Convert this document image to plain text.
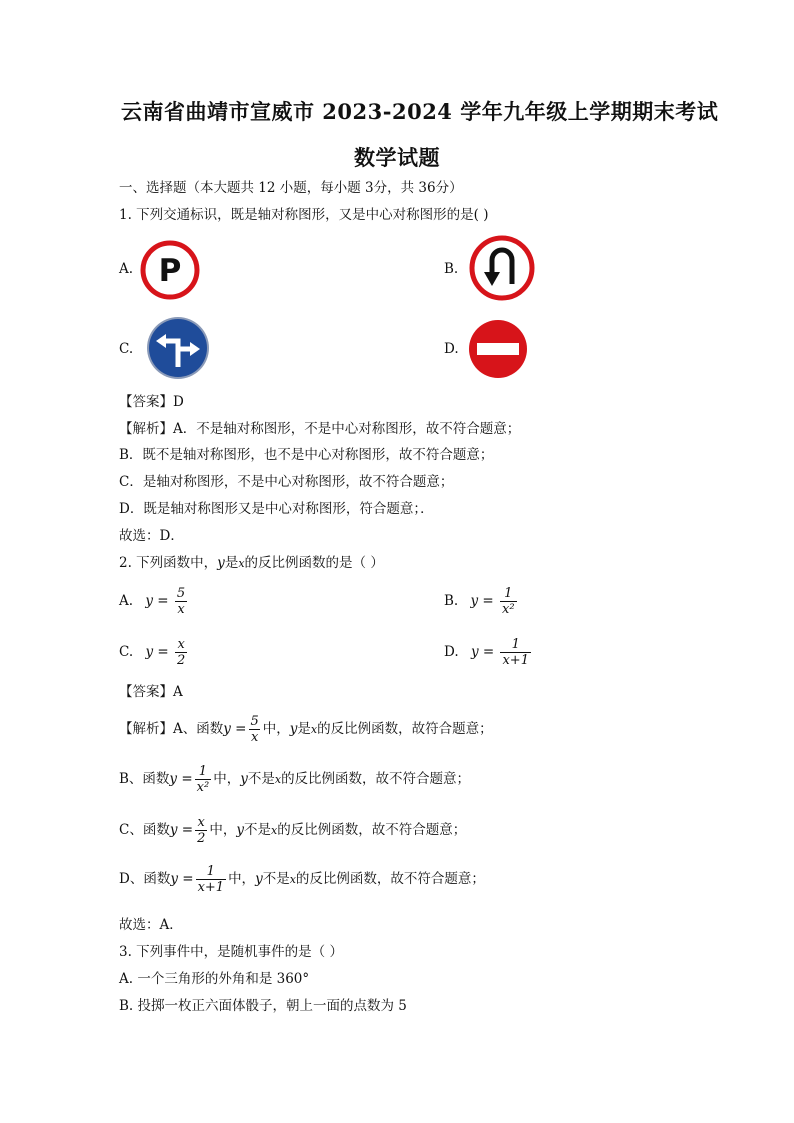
云南省曲靖市宣威市 2023-2024 学年九年级上学期期末考试
数学试题
一、选择题（本大题共 12 小题，每小题 3分，共 36分）
1. 下列交通标识，既是轴对称图形，又是中心对称图形的是( )
A. P	B.
C.	D.
【答案】D
【解析】A．不是轴对称图形，不是中心对称图形，故不符合题意；
B．既不是轴对称图形，也不是中心对称图形，故不符合题意；
C．是轴对称图形，不是中心对称图形，故不符合题意；
D．既是轴对称图形又是中心对称图形，符合题意；．
故选：D．
2. 下列函数中，y是x的反比例函数的是（ ）
A. $y = \frac{5}{x}$	B. $y = \frac{1}{\text{x²}}$
C. $y = \frac{x}{2}$	D. $y = \frac{1}{x+1}$
【答案】A
【解析】A、函数$y = \frac{5}{x}$ 中，y是x的反比例函数，故符合题意；
B、函数$y = \frac{1}{\text{x²}}$ 中，y不是x的反比例函数，故不符合题意；
C、函数$y = \frac{x}{2}$ 中，y不是x的反比例函数，故不符合题意；
D、函数$y = \frac{1}{x+1}$ 中，y不是x的反比例函数，故不符合题意；
故选：A．
3. 下列事件中，是随机事件的是（ ）
A. 一个三角形的外角和是 360°
B. 投掷一枚正六面体骰子，朝上一面的点数为 5
